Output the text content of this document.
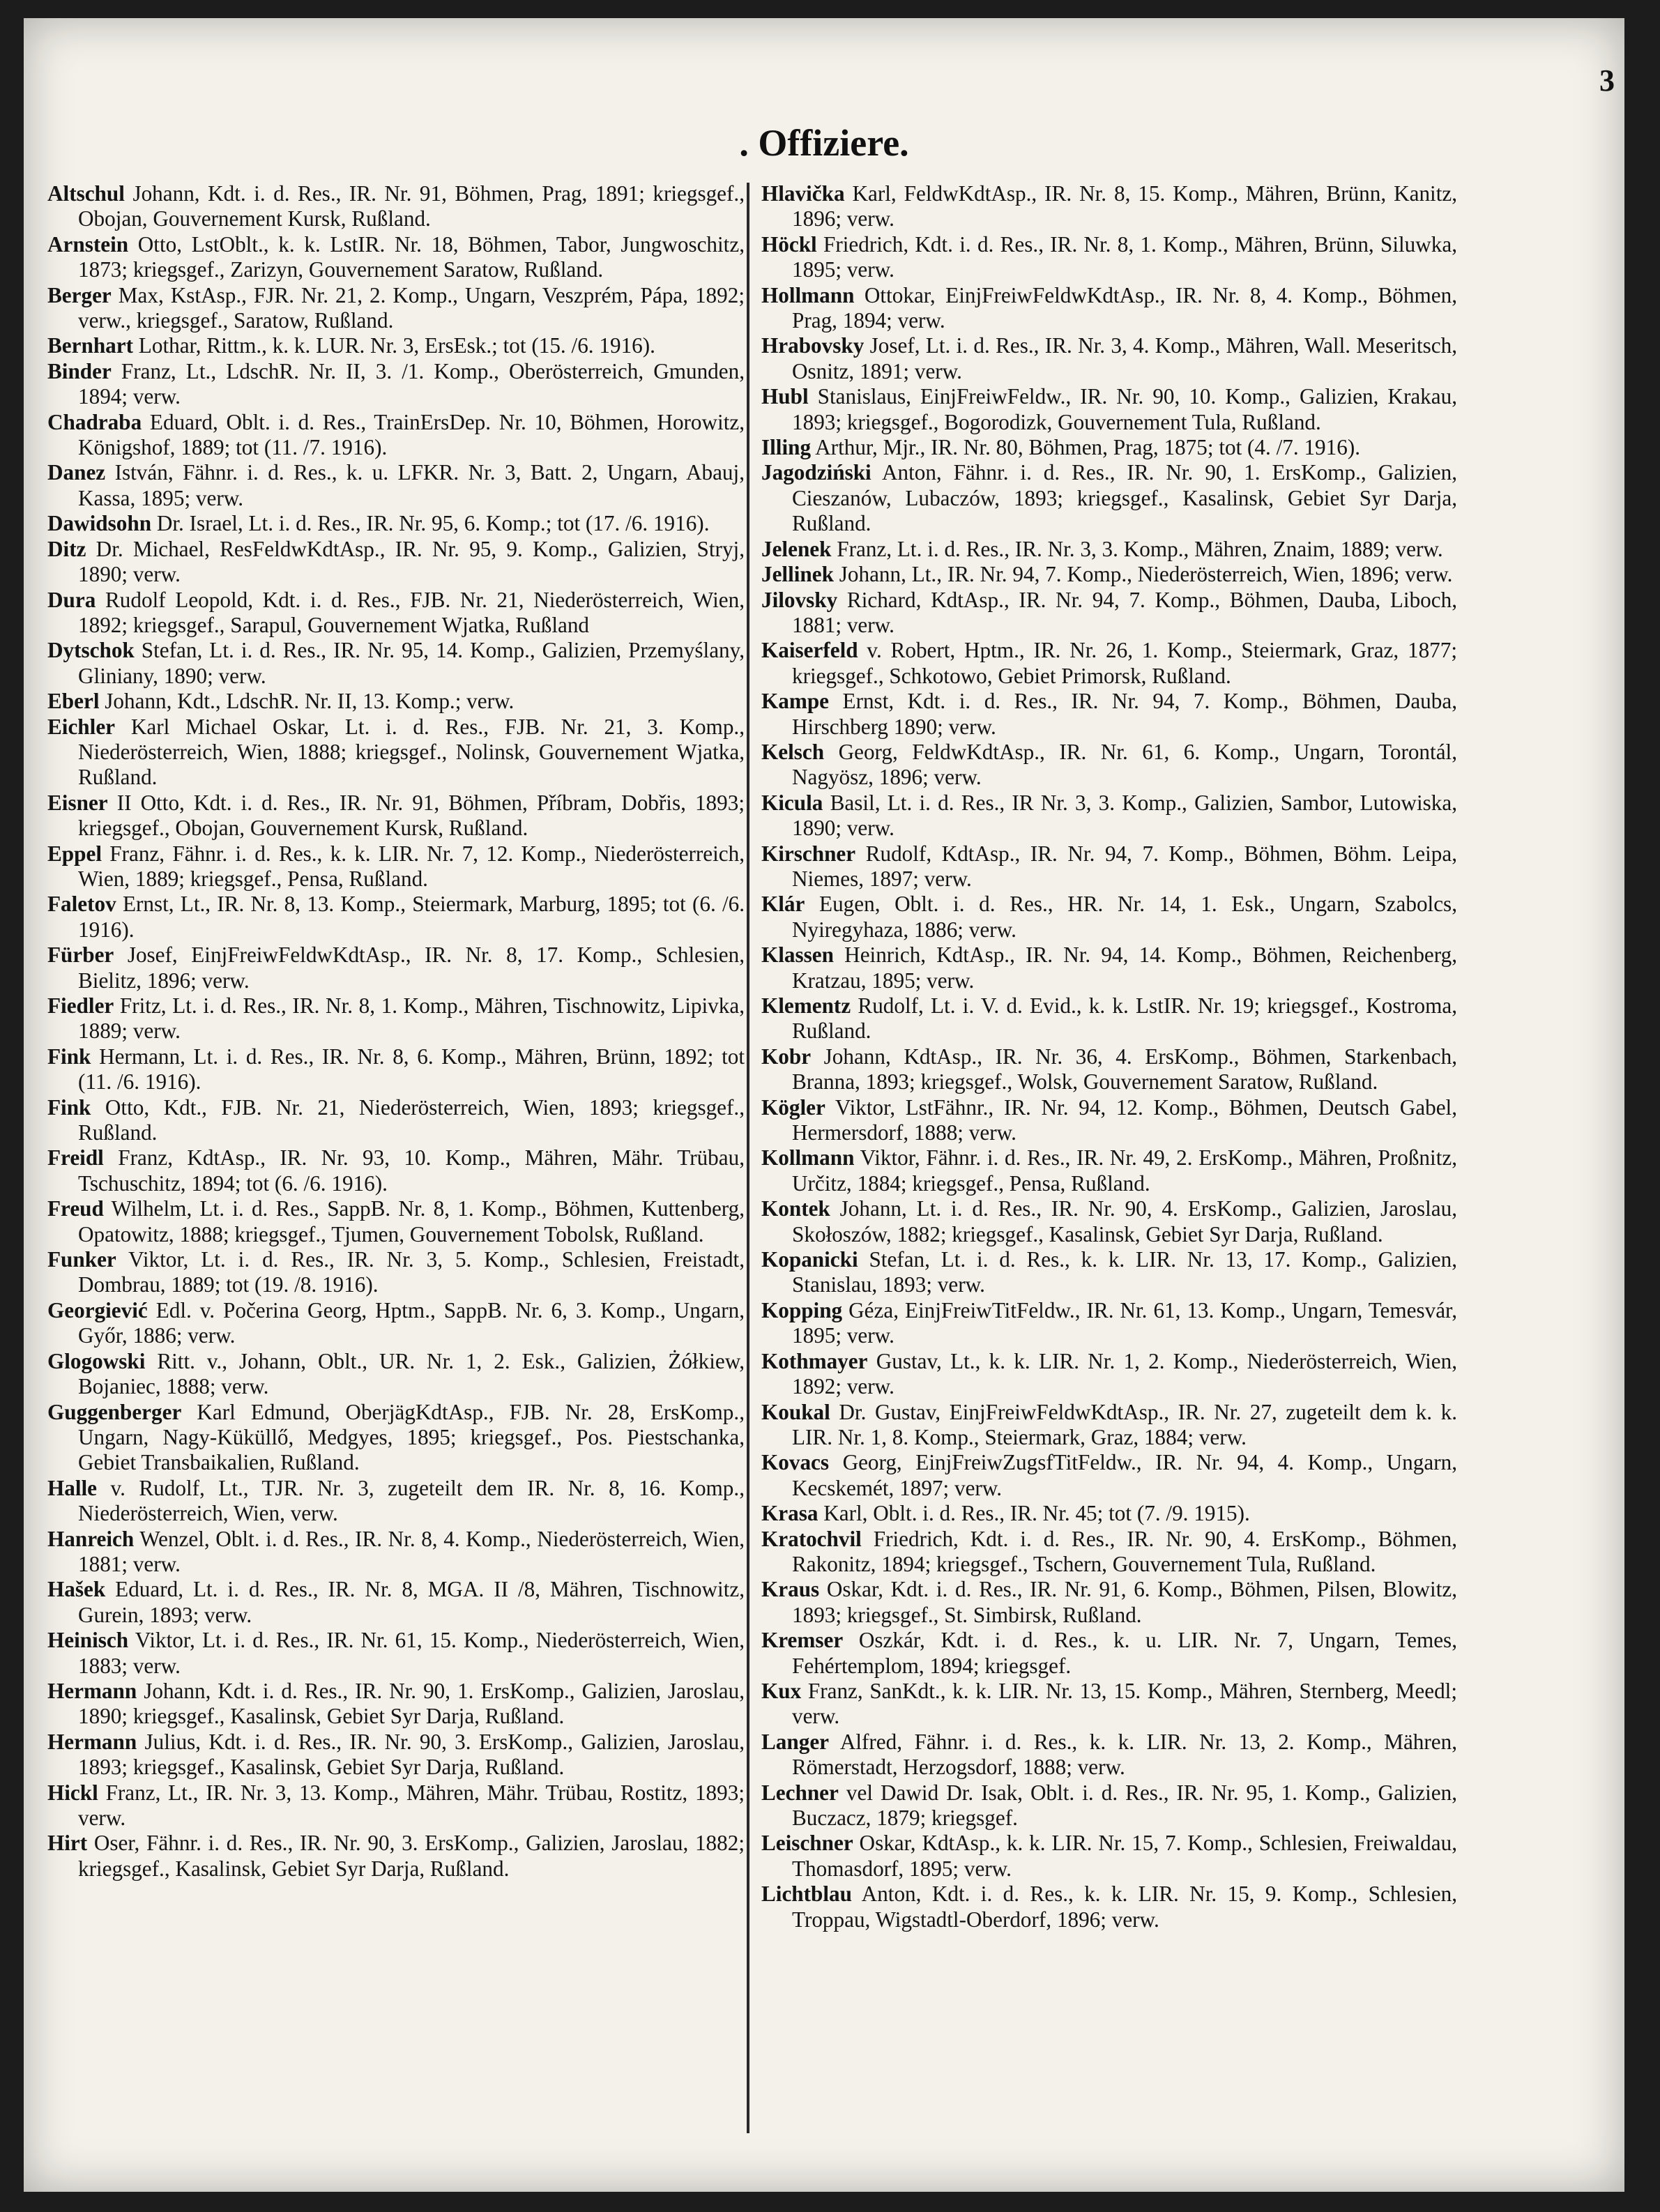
3
. Offiziere.

Altschul Johann, Kdt. i. d. Res., IR. Nr. 91, Böhmen, Prag, 1891; kriegsgef., Obojan, Gouvernement Kursk, Rußland.

Arnstein Otto, LstOblt., k. k. LstIR. Nr. 18, Böhmen, Tabor, Jungwoschitz, 1873; kriegsgef., Zarizyn, Gouvernement Saratow, Rußland.

Berger Max, KstAsp., FJR. Nr. 21, 2. Komp., Ungarn, Veszprém, Pápa, 1892; verw., kriegsgef., Saratow, Rußland.

Bernhart Lothar, Rittm., k. k. LUR. Nr. 3, ErsEsk.; tot (15. /6. 1916).

Binder Franz, Lt., LdschR. Nr. II, 3. /1. Komp., Oberösterreich, Gmunden, 1894; verw.

Chadraba Eduard, Oblt. i. d. Res., TrainErsDep. Nr. 10, Böhmen, Horowitz, Königshof, 1889; tot (11. /7. 1916).

Danez István, Fähnr. i. d. Res., k. u. LFKR. Nr. 3, Batt. 2, Ungarn, Abauj, Kassa, 1895; verw.

Dawidsohn Dr. Israel, Lt. i. d. Res., IR. Nr. 95, 6. Komp.; tot (17. /6. 1916).

Ditz Dr. Michael, ResFeldwKdtAsp., IR. Nr. 95, 9. Komp., Galizien, Stryj, 1890; verw.

Dura Rudolf Leopold, Kdt. i. d. Res., FJB. Nr. 21, Niederösterreich, Wien, 1892; kriegsgef., Sarapul, Gouvernement Wjatka, Rußland

Dytschok Stefan, Lt. i. d. Res., IR. Nr. 95, 14. Komp., Galizien, Przemyślany, Gliniany, 1890; verw.

Eberl Johann, Kdt., LdschR. Nr. II, 13. Komp.; verw.

Eichler Karl Michael Oskar, Lt. i. d. Res., FJB. Nr. 21, 3. Komp., Niederösterreich, Wien, 1888; kriegsgef., Nolinsk, Gouvernement Wjatka, Rußland.

Eisner II Otto, Kdt. i. d. Res., IR. Nr. 91, Böhmen, Příbram, Dobřis, 1893; kriegsgef., Obojan, Gouvernement Kursk, Rußland.

Eppel Franz, Fähnr. i. d. Res., k. k. LIR. Nr. 7, 12. Komp., Niederösterreich, Wien, 1889; kriegsgef., Pensa, Rußland.

Faletov Ernst, Lt., IR. Nr. 8, 13. Komp., Steiermark, Marburg, 1895; tot (6. /6. 1916).

Fürber Josef, EinjFreiwFeldwKdtAsp., IR. Nr. 8, 17. Komp., Schlesien, Bielitz, 1896; verw.

Fiedler Fritz, Lt. i. d. Res., IR. Nr. 8, 1. Komp., Mähren, Tischnowitz, Lipivka, 1889; verw.

Fink Hermann, Lt. i. d. Res., IR. Nr. 8, 6. Komp., Mähren, Brünn, 1892; tot (11. /6. 1916).

Fink Otto, Kdt., FJB. Nr. 21, Niederösterreich, Wien, 1893; kriegsgef., Rußland.

Freidl Franz, KdtAsp., IR. Nr. 93, 10. Komp., Mähren, Mähr. Trübau, Tschuschitz, 1894; tot (6. /6. 1916).

Freud Wilhelm, Lt. i. d. Res., SappB. Nr. 8, 1. Komp., Böhmen, Kuttenberg, Opatowitz, 1888; kriegsgef., Tjumen, Gouvernement Tobolsk, Rußland.

Funker Viktor, Lt. i. d. Res., IR. Nr. 3, 5. Komp., Schlesien, Freistadt, Dombrau, 1889; tot (19. /8. 1916).

Georgiević Edl. v. Počerina Georg, Hptm., SappB. Nr. 6, 3. Komp., Ungarn, Győr, 1886; verw.

Glogowski Ritt. v., Johann, Oblt., UR. Nr. 1, 2. Esk., Galizien, Żółkiew, Bojaniec, 1888; verw.

Guggenberger Karl Edmund, OberjägKdtAsp., FJB. Nr. 28, ErsKomp., Ungarn, Nagy-Küküllő, Medgyes, 1895; kriegsgef., Pos. Piestschanka, Gebiet Transbaikalien, Rußland.

Halle v. Rudolf, Lt., TJR. Nr. 3, zugeteilt dem IR. Nr. 8, 16. Komp., Niederösterreich, Wien, verw.

Hanreich Wenzel, Oblt. i. d. Res., IR. Nr. 8, 4. Komp., Niederösterreich, Wien, 1881; verw.

Hašek Eduard, Lt. i. d. Res., IR. Nr. 8, MGA. II /8, Mähren, Tischnowitz, Gurein, 1893; verw.

Heinisch Viktor, Lt. i. d. Res., IR. Nr. 61, 15. Komp., Niederösterreich, Wien, 1883; verw.

Hermann Johann, Kdt. i. d. Res., IR. Nr. 90, 1. ErsKomp., Galizien, Jaroslau, 1890; kriegsgef., Kasalinsk, Gebiet Syr Darja, Rußland.

Hermann Julius, Kdt. i. d. Res., IR. Nr. 90, 3. ErsKomp., Galizien, Jaroslau, 1893; kriegsgef., Kasalinsk, Gebiet Syr Darja, Rußland.

Hickl Franz, Lt., IR. Nr. 3, 13. Komp., Mähren, Mähr. Trübau, Rostitz, 1893; verw.

Hirt Oser, Fähnr. i. d. Res., IR. Nr. 90, 3. ErsKomp., Galizien, Jaroslau, 1882; kriegsgef., Kasalinsk, Gebiet Syr Darja, Rußland.

Hlavička Karl, FeldwKdtAsp., IR. Nr. 8, 15. Komp., Mähren, Brünn, Kanitz, 1896; verw.

Höckl Friedrich, Kdt. i. d. Res., IR. Nr. 8, 1. Komp., Mähren, Brünn, Siluwka, 1895; verw.

Hollmann Ottokar, EinjFreiwFeldwKdtAsp., IR. Nr. 8, 4. Komp., Böhmen, Prag, 1894; verw.

Hrabovsky Josef, Lt. i. d. Res., IR. Nr. 3, 4. Komp., Mähren, Wall. Meseritsch, Osnitz, 1891; verw.

Hubl Stanislaus, EinjFreiwFeldw., IR. Nr. 90, 10. Komp., Galizien, Krakau, 1893; kriegsgef., Bogorodizk, Gouvernement Tula, Rußland.

Illing Arthur, Mjr., IR. Nr. 80, Böhmen, Prag, 1875; tot (4. /7. 1916).

Jagodziński Anton, Fähnr. i. d. Res., IR. Nr. 90, 1. ErsKomp., Galizien, Cieszanów, Lubaczów, 1893; kriegsgef., Kasalinsk, Gebiet Syr Darja, Rußland.

Jelenek Franz, Lt. i. d. Res., IR. Nr. 3, 3. Komp., Mähren, Znaim, 1889; verw.

Jellinek Johann, Lt., IR. Nr. 94, 7. Komp., Niederösterreich, Wien, 1896; verw.

Jilovsky Richard, KdtAsp., IR. Nr. 94, 7. Komp., Böhmen, Dauba, Liboch, 1881; verw.

Kaiserfeld v. Robert, Hptm., IR. Nr. 26, 1. Komp., Steiermark, Graz, 1877; kriegsgef., Schkotowo, Gebiet Primorsk, Rußland.

Kampe Ernst, Kdt. i. d. Res., IR. Nr. 94, 7. Komp., Böhmen, Dauba, Hirschberg 1890; verw.

Kelsch Georg, FeldwKdtAsp., IR. Nr. 61, 6. Komp., Ungarn, Torontál, Nagyösz, 1896; verw.

Kicula Basil, Lt. i. d. Res., IR Nr. 3, 3. Komp., Galizien, Sambor, Lutowiska, 1890; verw.

Kirschner Rudolf, KdtAsp., IR. Nr. 94, 7. Komp., Böhmen, Böhm. Leipa, Niemes, 1897; verw.

Klár Eugen, Oblt. i. d. Res., HR. Nr. 14, 1. Esk., Ungarn, Szabolcs, Nyiregyhaza, 1886; verw.

Klassen Heinrich, KdtAsp., IR. Nr. 94, 14. Komp., Böhmen, Reichenberg, Kratzau, 1895; verw.

Klementz Rudolf, Lt. i. V. d. Evid., k. k. LstIR. Nr. 19; kriegsgef., Kostroma, Rußland.

Kobr Johann, KdtAsp., IR. Nr. 36, 4. ErsKomp., Böhmen, Starkenbach, Branna, 1893; kriegsgef., Wolsk, Gouvernement Saratow, Rußland.

Kögler Viktor, LstFähnr., IR. Nr. 94, 12. Komp., Böhmen, Deutsch Gabel, Hermersdorf, 1888; verw.

Kollmann Viktor, Fähnr. i. d. Res., IR. Nr. 49, 2. ErsKomp., Mähren, Proßnitz, Určitz, 1884; kriegsgef., Pensa, Rußland.

Kontek Johann, Lt. i. d. Res., IR. Nr. 90, 4. ErsKomp., Galizien, Jaroslau, Skołoszów, 1882; kriegsgef., Kasalinsk, Gebiet Syr Darja, Rußland.

Kopanicki Stefan, Lt. i. d. Res., k. k. LIR. Nr. 13, 17. Komp., Galizien, Stanislau, 1893; verw.

Kopping Géza, EinjFreiwTitFeldw., IR. Nr. 61, 13. Komp., Ungarn, Temesvár, 1895; verw.

Kothmayer Gustav, Lt., k. k. LIR. Nr. 1, 2. Komp., Niederösterreich, Wien, 1892; verw.

Koukal Dr. Gustav, EinjFreiwFeldwKdtAsp., IR. Nr. 27, zugeteilt dem k. k. LIR. Nr. 1, 8. Komp., Steiermark, Graz, 1884; verw.

Kovacs Georg, EinjFreiwZugsfTitFeldw., IR. Nr. 94, 4. Komp., Ungarn, Kecskemét, 1897; verw.

Krasa Karl, Oblt. i. d. Res., IR. Nr. 45; tot (7. /9. 1915).

Kratochvil Friedrich, Kdt. i. d. Res., IR. Nr. 90, 4. ErsKomp., Böhmen, Rakonitz, 1894; kriegsgef., Tschern, Gouvernement Tula, Rußland.

Kraus Oskar, Kdt. i. d. Res., IR. Nr. 91, 6. Komp., Böhmen, Pilsen, Blowitz, 1893; kriegsgef., St. Simbirsk, Rußland.

Kremser Oszkár, Kdt. i. d. Res., k. u. LIR. Nr. 7, Ungarn, Temes, Fehértemplom, 1894; kriegsgef.

Kux Franz, SanKdt., k. k. LIR. Nr. 13, 15. Komp., Mähren, Sternberg, Meedl; verw.

Langer Alfred, Fähnr. i. d. Res., k. k. LIR. Nr. 13, 2. Komp., Mähren, Römerstadt, Herzogsdorf, 1888; verw.

Lechner vel Dawid Dr. Isak, Oblt. i. d. Res., IR. Nr. 95, 1. Komp., Galizien, Buczacz, 1879; kriegsgef.

Leischner Oskar, KdtAsp., k. k. LIR. Nr. 15, 7. Komp., Schlesien, Freiwaldau, Thomasdorf, 1895; verw.

Lichtblau Anton, Kdt. i. d. Res., k. k. LIR. Nr. 15, 9. Komp., Schlesien, Troppau, Wigstadtl-Oberdorf, 1896; verw.
